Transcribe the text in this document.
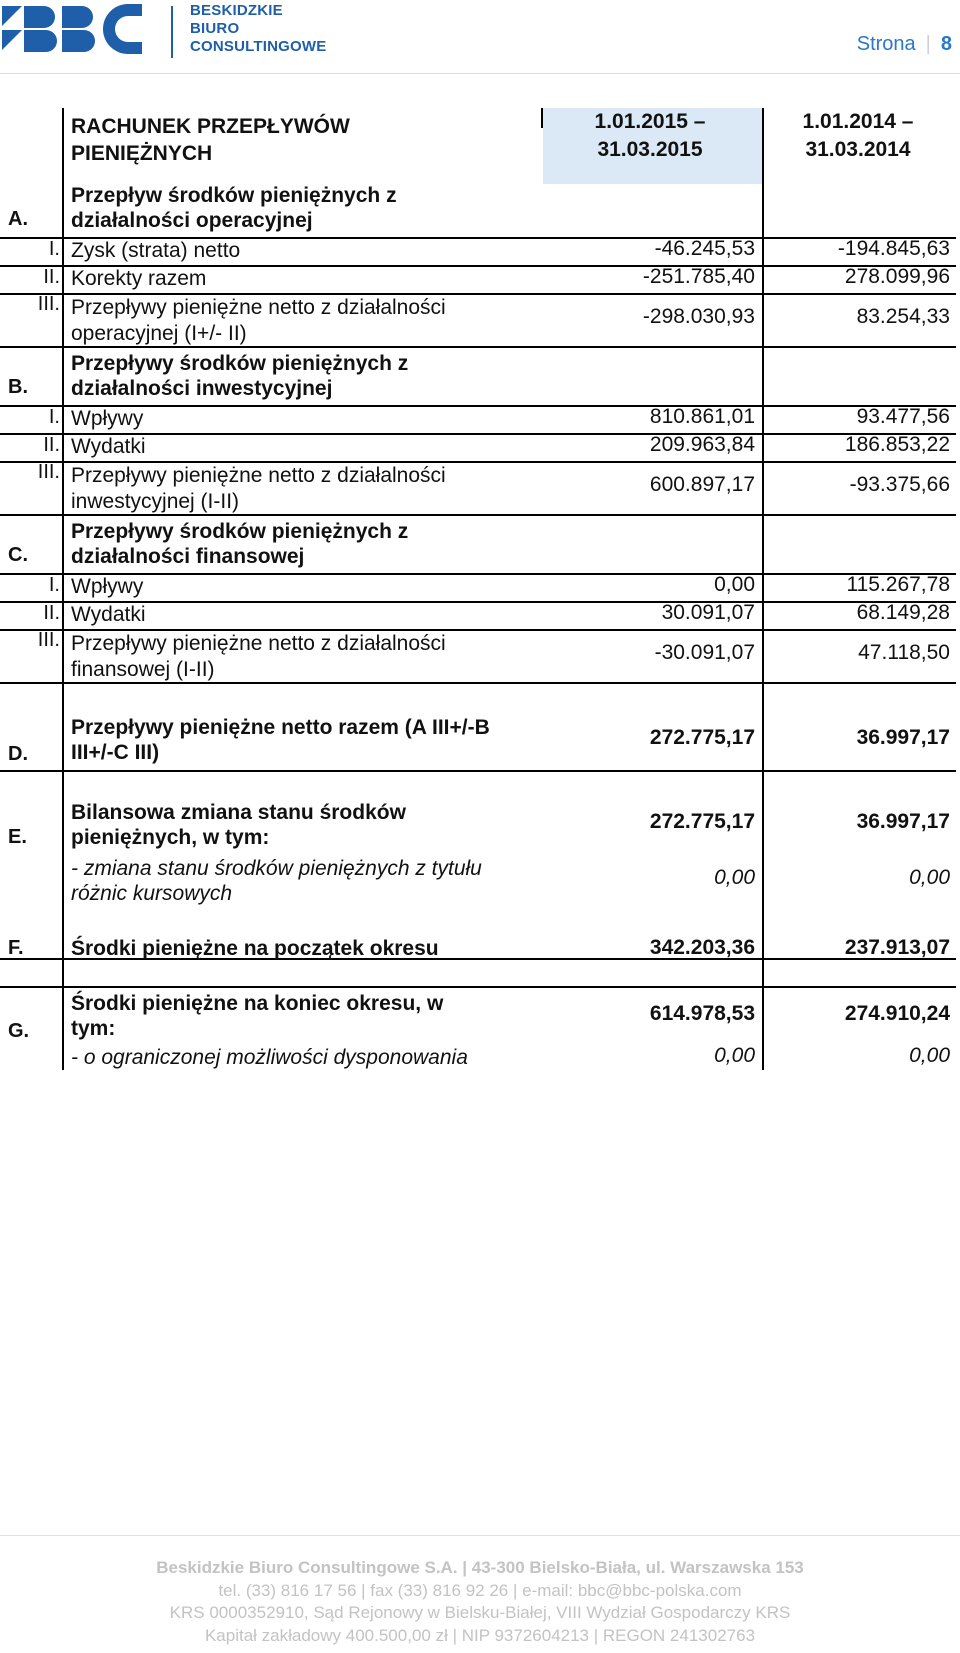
BESKIDZKIE
BIURO
CONSULTINGOWE	Strona | 8
RACHUNEK PRZEPŁYWÓW
PIENIĘŻNYCH
1.01.2015 –
31.03.2015
1.01.2014 –
31.03.2014
A.
Przepływ środków pieniężnych z
działalności operacyjnej
I. Zysk (strata) netto	-46.245,53	-194.845,63
II. Korekty razem	-251.785,40	278.099,96
III. Przepływy pieniężne netto z działalności
operacyjnej (I+/- II)
-298.030,93	83.254,33
B.
Przepływy środków pieniężnych z
działalności inwestycyjnej
I. Wpływy	810.861,01	93.477,56
II. Wydatki	209.963,84	186.853,22
III. Przepływy pieniężne netto z działalności
inwestycyjnej (I-II)
600.897,17	-93.375,66
C.
Przepływy środków pieniężnych z
działalności finansowej
I. Wpływy	0,00	115.267,78
II. Wydatki	30.091,07	68.149,28
III. Przepływy pieniężne netto z działalności
finansowej (I-II)
-30.091,07	47.118,50
D.
Przepływy pieniężne netto razem (A III+/-B
III+/-C III)
272.775,17	36.997,17
E.
Bilansowa zmiana stanu środków
pieniężnych, w tym:
272.775,17	36.997,17
- zmiana stanu środków pieniężnych z tytułu
różnic kursowych
0,00	0,00
F. Środki pieniężne na początek okresu	342.203,36	237.913,07
G.
Środki pieniężne na koniec okresu, w
tym:
614.978,53	274.910,24
- o ograniczonej możliwości dysponowania	0,00	0,00
Beskidzkie Biuro Consultingowe S.A. | 43-300 Bielsko-Biała, ul. Warszawska 153
tel. (33) 816 17 56 | fax (33) 816 92 26 | e-mail: bbc@bbc-polska.com
KRS 0000352910, Sąd Rejonowy w Bielsku-Białej, VIII Wydział Gospodarczy KRS
Kapitał zakładowy 400.500,00 zł | NIP 9372604213 | REGON 241302763
